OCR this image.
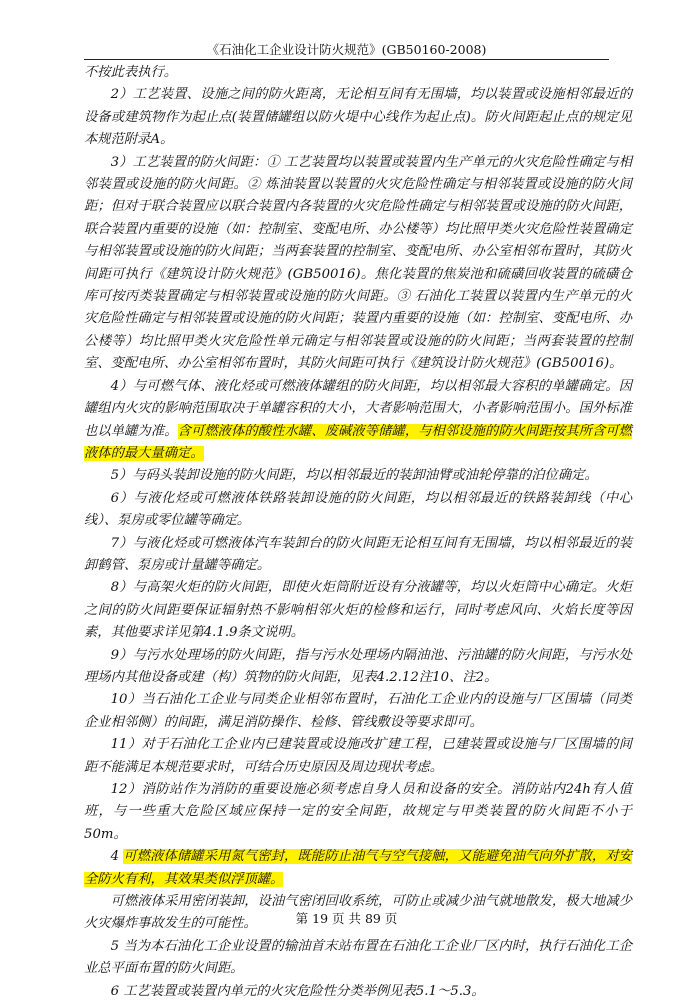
《石油化工企业设计防火规范》(GB50160-2008)

不按此表执行。

2）工艺装置、设施之间的防火距离，无论相互间有无围墙，均以装置或设施相邻最近的设备或建筑物作为起止点(装置储罐组以防火堤中心线作为起止点)。防火间距起止点的规定见本规范附录A。

3）工艺装置的防火间距：① 工艺装置均以装置或装置内生产单元的火灾危险性确定与相邻装置或设施的防火间距。② 炼油装置以装置的火灾危险性确定与相邻装置或设施的防火间距；但对于联合装置应以联合装置内各装置的火灾危险性确定与相邻装置或设施的防火间距，联合装置内重要的设施（如：控制室、变配电所、办公楼等）均比照甲类火灾危险性装置确定与相邻装置或设施的防火间距；当两套装置的控制室、变配电所、办公室相邻布置时，其防火间距可执行《建筑设计防火规范》(GB50016)。焦化装置的焦炭池和硫磺回收装置的硫磺仓库可按丙类装置确定与相邻装置或设施的防火间距。③ 石油化工装置以装置内生产单元的火灾危险性确定与相邻装置或设施的防火间距；装置内重要的设施（如：控制室、变配电所、办公楼等）均比照甲类火灾危险性单元确定与相邻装置或设施的防火间距；当两套装置的控制室、变配电所、办公室相邻布置时，其防火间距可执行《建筑设计防火规范》(GB50016)。

4）与可燃气体、液化烃或可燃液体罐组的防火间距，均以相邻最大容积的单罐确定。因罐组内火灾的影响范围取决于单罐容积的大小，大者影响范围大，小者影响范围小。国外标准也以单罐为准。含可燃液体的酸性水罐、废碱液等储罐，与相邻设施的防火间距按其所含可燃液体的最大量确定。

5）与码头装卸设施的防火间距，均以相邻最近的装卸油臂或油轮停靠的泊位确定。

6）与液化烃或可燃液体铁路装卸设施的防火间距，均以相邻最近的铁路装卸线（中心线）、泵房或零位罐等确定。

7）与液化烃或可燃液体汽车装卸台的防火间距无论相互间有无围墙，均以相邻最近的装卸鹤管、泵房或计量罐等确定。

8）与高架火炬的防火间距，即使火炬筒附近设有分液罐等，均以火炬筒中心确定。火炬之间的防火间距要保证辐射热不影响相邻火炬的检修和运行，同时考虑风向、火焰长度等因素，其他要求详见第4.1.9条文说明。

9）与污水处理场的防火间距，指与污水处理场内隔油池、污油罐的防火间距，与污水处理场内其他设备或建（构）筑物的防火间距，见表4.2.12注10、注2。

10）当石油化工企业与同类企业相邻布置时，石油化工企业内的设施与厂区围墙（同类企业相邻侧）的间距，满足消防操作、检修、管线敷设等要求即可。

11）对于石油化工企业内已建装置或设施改扩建工程，已建装置或设施与厂区围墙的间距不能满足本规范要求时，可结合历史原因及周边现状考虑。

12）消防站作为消防的重要设施必须考虑自身人员和设备的安全。消防站内24h有人值班，与一些重大危险区域应保持一定的安全间距，故规定与甲类装置的防火间距不小于50m。

4 可燃液体储罐采用氮气密封，既能防止油气与空气接触，又能避免油气向外扩散，对安全防火有利，其效果类似浮顶罐。

可燃液体采用密闭装卸，设油气密闭回收系统，可防止或减少油气就地散发，极大地减少火灾爆炸事故发生的可能性。

5 当为本石油化工企业设置的输油首末站布置在石油化工企业厂区内时，执行石油化工企业总平面布置的防火间距。

6 工艺装置或装置内单元的火灾危险性分类举例见表5.1～5.3。

第 19 页 共 89 页
